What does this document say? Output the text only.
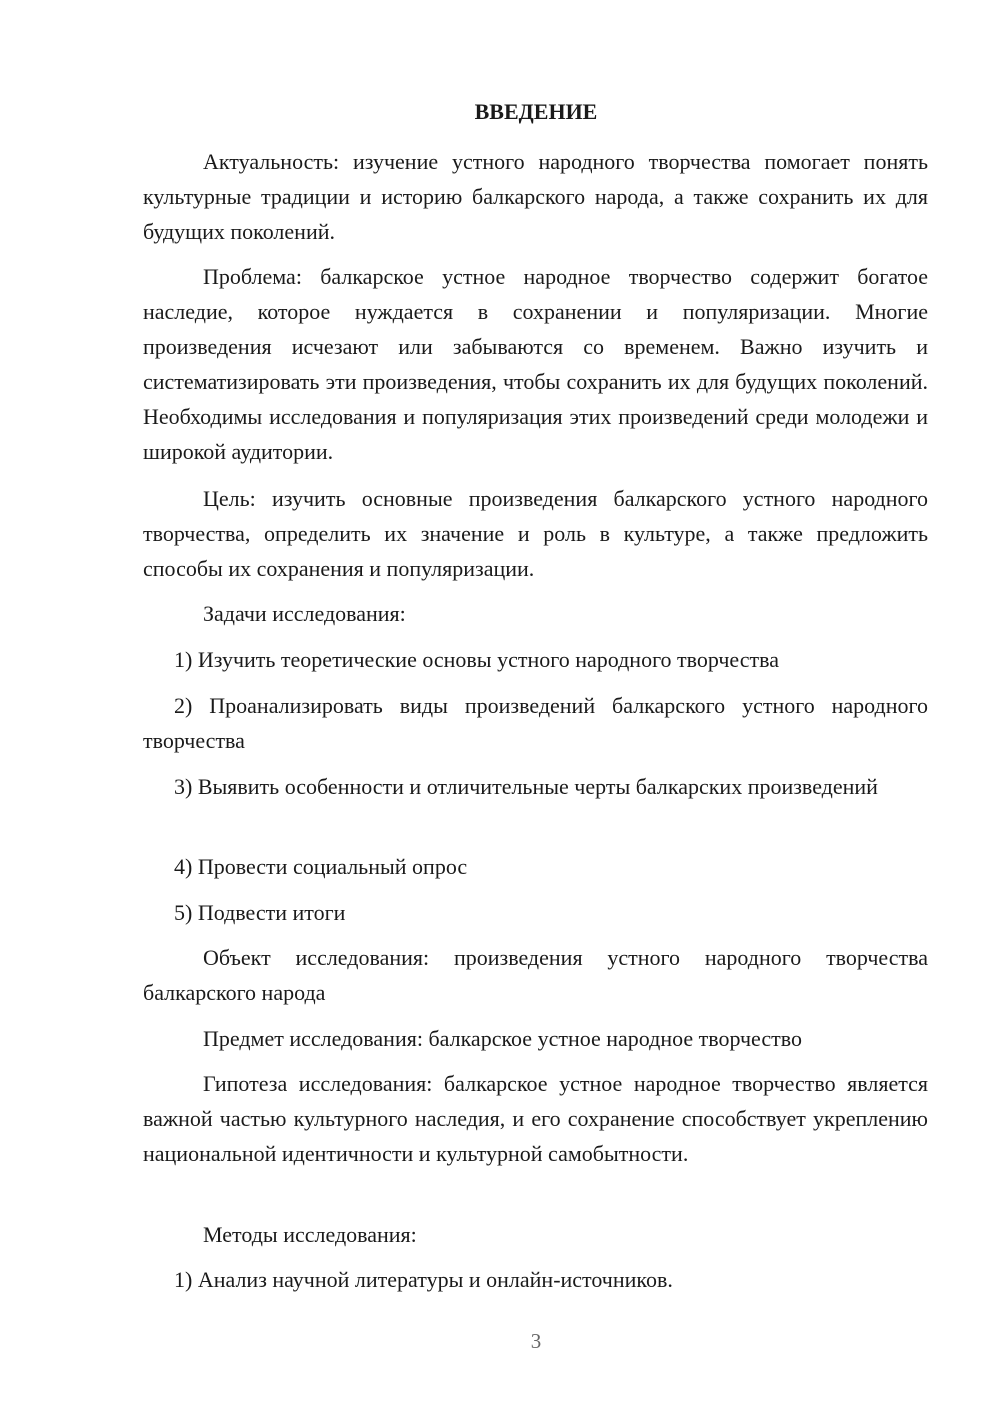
ВВЕДЕНИЕ

Актуальность: изучение устного народного творчества помогает понять культурные традиции и историю балкарского народа, а также сохранить их для будущих поколений.

Проблема: балкарское устное народное творчество содержит богатое наследие, которое нуждается в сохранении и популяризации. Многие произведения исчезают или забываются со временем. Важно изучить и систематизировать эти произведения, чтобы сохранить их для будущих поколений. Необходимы исследования и популяризация этих произведений среди молодежи и широкой аудитории.

Цель: изучить основные произведения балкарского устного народного творчества, определить их значение и роль в культуре, а также предложить способы их сохранения и популяризации.

Задачи исследования:

1) Изучить теоретические основы устного народного творчества

2) Проанализировать виды произведений балкарского устного народного творчества

3) Выявить особенности и отличительные черты балкарских произведений

4) Провести социальный опрос

5) Подвести итоги

Объект исследования: произведения устного народного творчества балкарского народа

Предмет исследования: балкарское устное народное творчество

Гипотеза исследования: балкарское устное народное творчество является важной частью культурного наследия, и его сохранение способствует укреплению национальной идентичности и культурной самобытности.

Методы исследования:

1) Анализ научной литературы и онлайн-источников.

3
